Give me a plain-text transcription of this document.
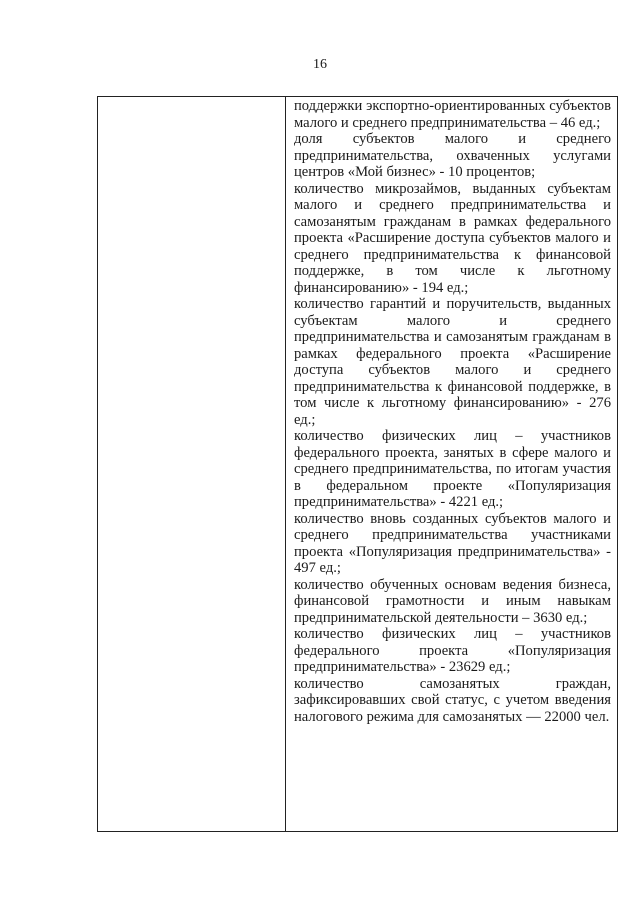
16

поддержки экспортно-ориентированных субъектов малого и среднего предпринимательства – 46 ед.;

доля субъектов малого и среднего предпринимательства, охваченных услугами центров «Мой бизнес» - 10 процентов;

количество микрозаймов, выданных субъектам малого и среднего предпринимательства и самозанятым гражданам в рамках федерального проекта «Расширение доступа субъектов малого и среднего предпринимательства к финансовой поддержке, в том числе к льготному финансированию» - 194 ед.;

количество гарантий и поручительств, выданных субъектам малого и среднего предпринимательства и самозанятым гражданам в рамках федерального проекта «Расширение доступа субъектов малого и среднего предпринимательства к финансовой поддержке, в том числе к льготному финансированию» - 276 ед.;

количество физических лиц – участников федерального проекта, занятых в сфере малого и среднего предпринимательства, по итогам участия в федеральном проекте «Популяризация предпринимательства» - 4221 ед.;

количество вновь созданных субъектов малого и среднего предпринимательства участниками проекта «Популяризация предпринимательства» - 497 ед.;

количество обученных основам ведения бизнеса, финансовой грамотности и иным навыкам предпринимательской деятельности – 3630 ед.;

количество физических лиц – участников федерального проекта «Популяризация предпринимательства» - 23629 ед.;

количество самозанятых граждан, зафиксировавших свой статус, с учетом введения налогового режима для самозанятых — 22000 чел.
